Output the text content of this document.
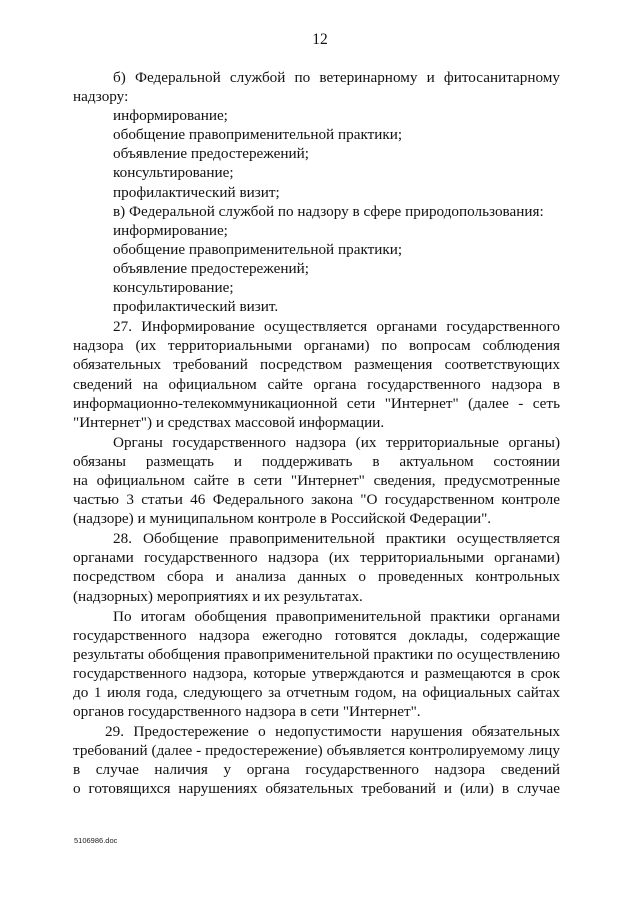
12
б) Федеральной службой по ветеринарному и фитосанитарному
надзору:
информирование;
обобщение правоприменительной практики;
объявление предостережений;
консультирование;
профилактический визит;
в) Федеральной службой по надзору в сфере природопользования:
информирование;
обобщение правоприменительной практики;
объявление предостережений;
консультирование;
профилактический визит.
27. Информирование осуществляется органами государственного
надзора (их территориальными органами) по вопросам соблюдения
обязательных требований посредством размещения соответствующих
сведений на официальном сайте органа государственного надзора в
информационно-телекоммуникационной сети "Интернет" (далее - сеть
"Интернет") и средствах массовой информации.
Органы государственного надзора (их территориальные органы)
обязаны размещать и поддерживать в актуальном состоянии
на официальном сайте в сети "Интернет" сведения, предусмотренные
частью 3 статьи 46 Федерального закона "О государственном контроле
(надзоре) и муниципальном контроле в Российской Федерации".
28. Обобщение правоприменительной практики осуществляется
органами государственного надзора (их территориальными органами)
посредством сбора и анализа данных о проведенных контрольных
(надзорных) мероприятиях и их результатах.
По итогам обобщения правоприменительной практики органами
государственного надзора ежегодно готовятся доклады, содержащие
результаты обобщения правоприменительной практики по осуществлению
государственного надзора, которые утверждаются и размещаются в срок
до 1 июля года, следующего за отчетным годом, на официальных сайтах
органов государственного надзора в сети "Интернет".
29. Предостережение о недопустимости нарушения обязательных
требований (далее - предостережение) объявляется контролируемому лицу
в случае наличия у органа государственного надзора сведений
о готовящихся нарушениях обязательных требований и (или) в случае
5106986.doc
